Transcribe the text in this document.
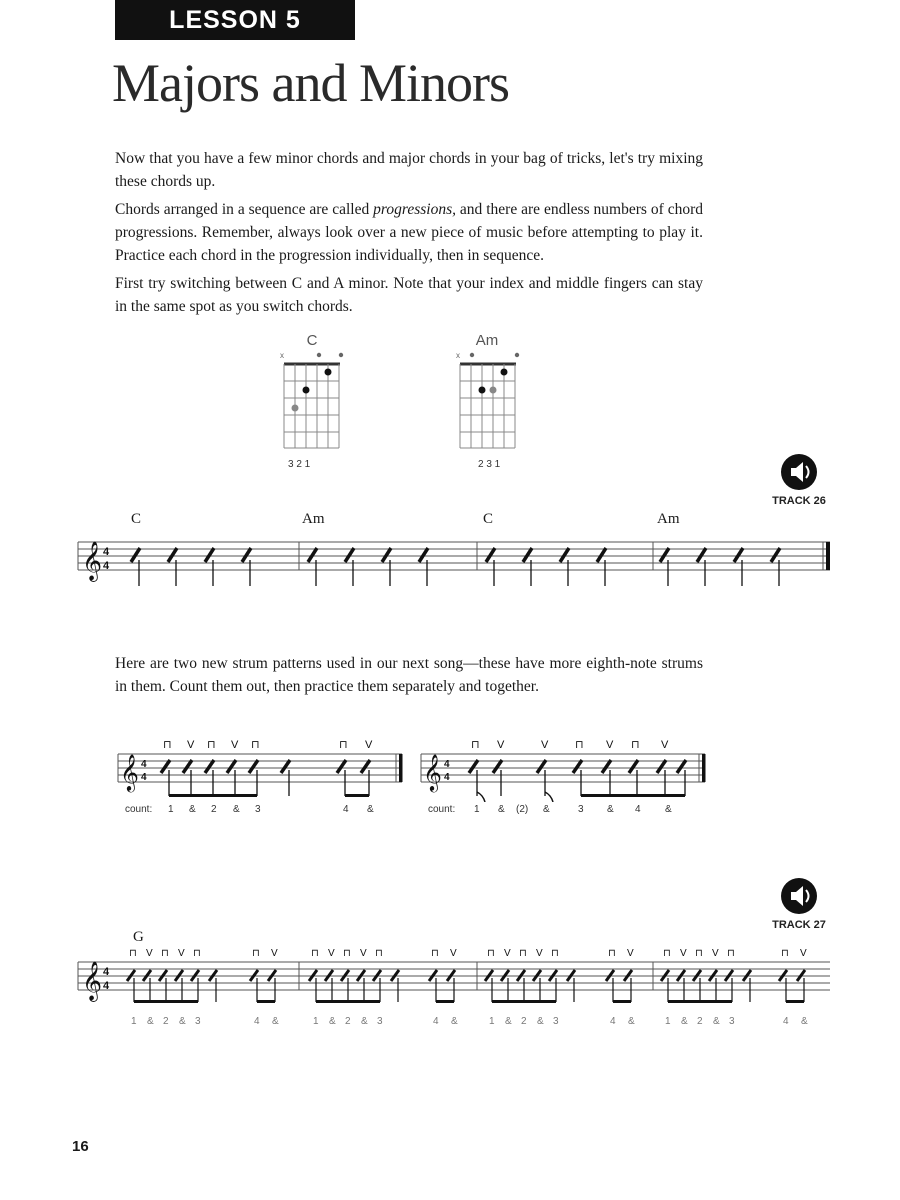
LESSON 5
Majors and Minors
Now that you have a few minor chords and major chords in your bag of tricks, let's try mixing these chords up.
Chords arranged in a sequence are called progressions, and there are endless numbers of chord progressions. Remember, always look over a new piece of music before attempting to play it. Practice each chord in the progression individually, then in sequence.
First try switching between C and A minor. Note that your index and middle fingers can stay in the same spot as you switch chords.
C
x
3 2 1
Am
x
2 3 1
TRACK 26
C	Am	C	Am
𝄞 4
4
Here are two new strum patterns used in our next song—these have more eighth-note strums in them. Count them out, then practice them separately and together.
𝄞 4
4
⊓ V ⊓ V ⊓	⊓ V
count: 1 & 2 & 3	4 &
𝄞 4
4
⊓ V	V ⊓ V ⊓ V
count: 1 & (2) &	3 & 4 &
TRACK 27
G
𝄞 4
4
⊓ V ⊓ V ⊓	⊓ V	⊓ V ⊓ V ⊓	⊓ V	⊓ V ⊓ V ⊓	⊓ V	⊓ V ⊓ V ⊓	⊓ V
1 & 2 & 3	4 &	1 & 2 & 3	4 &	1 & 2 & 3	4 &	1 & 2 & 3	4 &
16
